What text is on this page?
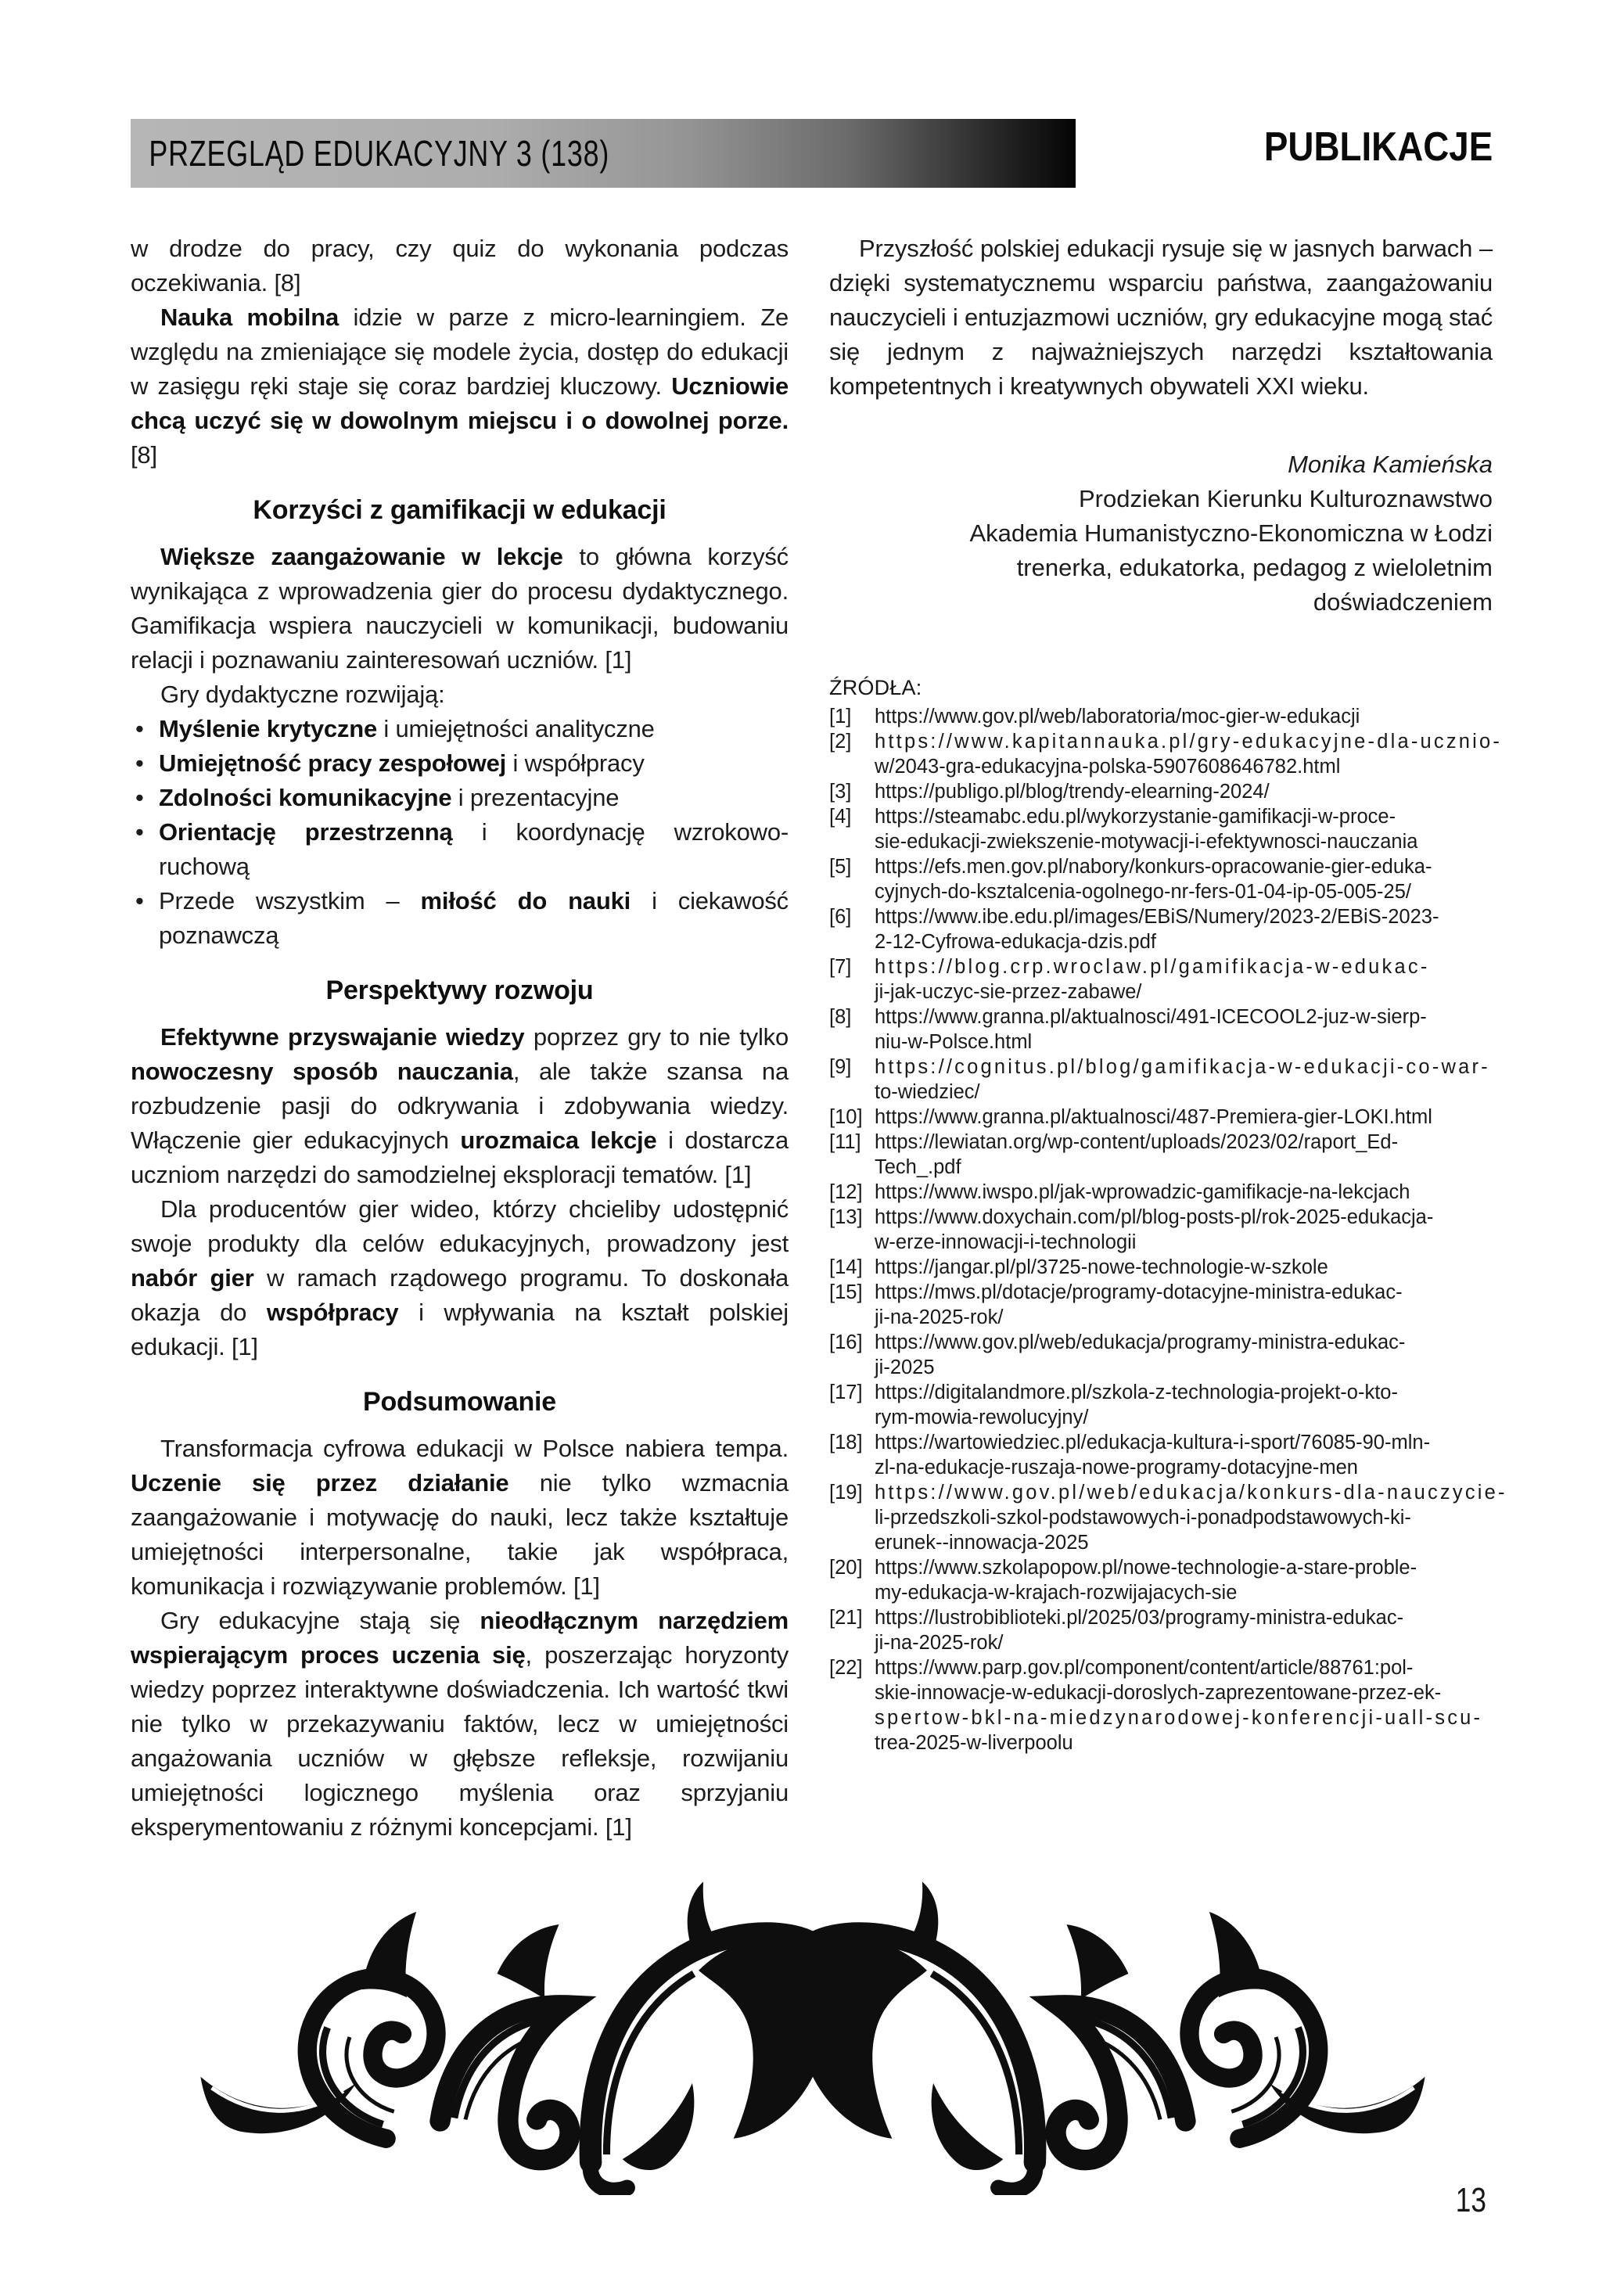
PRZEGLĄD EDUKACYJNY 3 (138)	PUBLIKACJE

w drodze do pracy, czy quiz do wykonania podczas oczekiwania. [8]

Nauka mobilna idzie w parze z micro-learningiem. Ze względu na zmieniające się modele życia, dostęp do edukacji w zasięgu ręki staje się coraz bardziej kluczowy. Uczniowie chcą uczyć się w dowolnym miejscu i o dowolnej porze. [8]

Korzyści z gamifikacji w edukacji

Większe zaangażowanie w lekcje to główna korzyść wynikająca z wprowadzenia gier do procesu dydaktycznego. Gamifikacja wspiera nauczycieli w komunikacji, budowaniu relacji i poznawaniu zainteresowań uczniów. [1]

Gry dydaktyczne rozwijają:

• Myślenie krytyczne i umiejętności analityczne
• Umiejętność pracy zespołowej i współpracy
• Zdolności komunikacyjne i prezentacyjne
• Orientację przestrzenną i koordynację wzrokowo-ruchową
• Przede wszystkim – miłość do nauki i ciekawość poznawczą
Perspektywy rozwoju

Efektywne przyswajanie wiedzy poprzez gry to nie tylko nowoczesny sposób nauczania, ale także szansa na rozbudzenie pasji do odkrywania i zdobywania wiedzy. Włączenie gier edukacyjnych urozmaica lekcje i dostarcza uczniom narzędzi do samodzielnej eksploracji tematów. [1]

Dla producentów gier wideo, którzy chcieliby udostępnić swoje produkty dla celów edukacyjnych, prowadzony jest nabór gier w ramach rządowego programu. To doskonała okazja do współpracy i wpływania na kształt polskiej edukacji. [1]

Podsumowanie

Transformacja cyfrowa edukacji w Polsce nabiera tempa. Uczenie się przez działanie nie tylko wzmacnia zaangażowanie i motywację do nauki, lecz także kształtuje umiejętności interpersonalne, takie jak współpraca, komunikacja i rozwiązywanie problemów. [1]

Gry edukacyjne stają się nieodłącznym narzędziem wspierającym proces uczenia się, poszerzając horyzonty wiedzy poprzez interaktywne doświadczenia. Ich wartość tkwi nie tylko w przekazywaniu faktów, lecz w umiejętności angażowania uczniów w głębsze refleksje, rozwijaniu umiejętności logicznego myślenia oraz sprzyjaniu eksperymentowaniu z różnymi koncepcjami. [1]

Przyszłość polskiej edukacji rysuje się w jasnych barwach – dzięki systematycznemu wsparciu państwa, zaangażowaniu nauczycieli i entuzjazmowi uczniów, gry edukacyjne mogą stać się jednym z najważniejszych narzędzi kształtowania kompetentnych i kreatywnych obywateli XXI wieku.

Monika Kamieńska
Prodziekan Kierunku Kulturoznawstwo
Akademia Humanistyczno-Ekonomiczna w Łodzi
trenerka, edukatorka, pedagog z wieloletnim
doświadczeniem
ŹRÓDŁA:
[1] https://www.gov.pl/web/laboratoria/moc-gier-w-edukacji
[2] https://www.kapitannauka.pl/gry-edukacyjne-dla-ucznio-
w/2043-gra-edukacyjna-polska-5907608646782.html
[3] https://publigo.pl/blog/trendy-elearning-2024/
[4] https://steamabc.edu.pl/wykorzystanie-gamifikacji-w-proce-
sie-edukacji-zwiekszenie-motywacji-i-efektywnosci-nauczania
[5] https://efs.men.gov.pl/nabory/konkurs-opracowanie-gier-eduka-
cyjnych-do-ksztalcenia-ogolnego-nr-fers-01-04-ip-05-005-25/
[6] https://www.ibe.edu.pl/images/EBiS/Numery/2023-2/EBiS-2023-
2-12-Cyfrowa-edukacja-dzis.pdf
[7] https://blog.crp.wroclaw.pl/gamifikacja-w-edukac-
ji-jak-uczyc-sie-przez-zabawe/
[8] https://www.granna.pl/aktualnosci/491-ICECOOL2-juz-w-sierp-
niu-w-Polsce.html
[9] https://cognitus.pl/blog/gamifikacja-w-edukacji-co-war-
to-wiedziec/
[10] https://www.granna.pl/aktualnosci/487-Premiera-gier-LOKI.html
[11] https://lewiatan.org/wp-content/uploads/2023/02/raport_Ed-
Tech_.pdf
[12] https://www.iwspo.pl/jak-wprowadzic-gamifikacje-na-lekcjach
[13] https://www.doxychain.com/pl/blog-posts-pl/rok-2025-edukacja-
w-erze-innowacji-i-technologii
[14] https://jangar.pl/pl/3725-nowe-technologie-w-szkole
[15] https://mws.pl/dotacje/programy-dotacyjne-ministra-edukac-
ji-na-2025-rok/
[16] https://www.gov.pl/web/edukacja/programy-ministra-edukac-
ji-2025
[17] https://digitalandmore.pl/szkola-z-technologia-projekt-o-kto-
rym-mowia-rewolucyjny/
[18] https://wartowiedziec.pl/edukacja-kultura-i-sport/76085-90-mln-
zl-na-edukacje-ruszaja-nowe-programy-dotacyjne-men
[19] https://www.gov.pl/web/edukacja/konkurs-dla-nauczycie-
li-przedszkoli-szkol-podstawowych-i-ponadpodstawowych-ki-
erunek--innowacja-2025
[20] https://www.szkolapopow.pl/nowe-technologie-a-stare-proble-
my-edukacja-w-krajach-rozwijajacych-sie
[21] https://lustrobiblioteki.pl/2025/03/programy-ministra-edukac-
ji-na-2025-rok/
[22] https://www.parp.gov.pl/component/content/article/88761:pol-
skie-innowacje-w-edukacji-doroslych-zaprezentowane-przez-ek-
spertow-bkl-na-miedzynarodowej-konferencji-uall-scu-
trea-2025-w-liverpoolu
13
